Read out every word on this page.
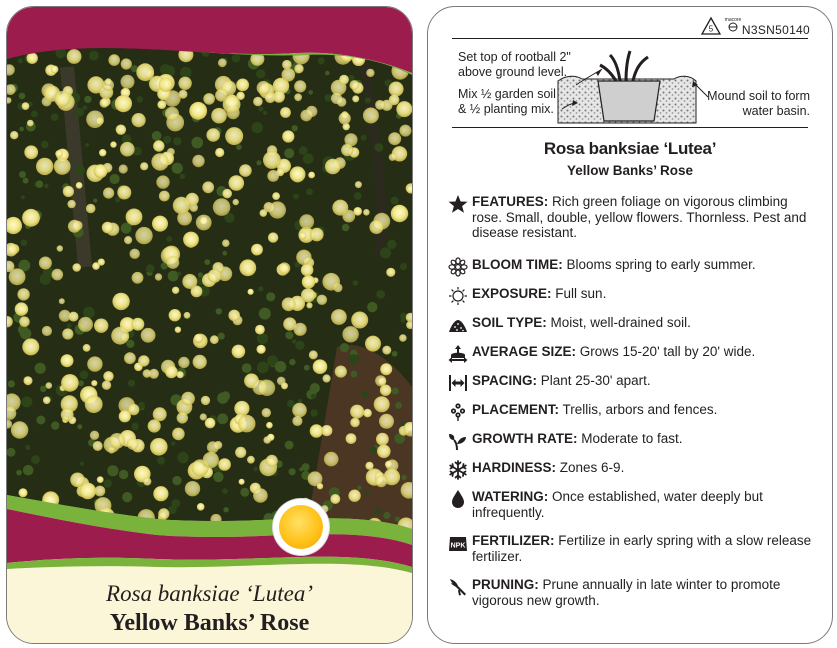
Rosa banksiae ‘Lutea’
Yellow Banks’ Rose
5
macore
N3SN50140
Set top of rootball 2"
above ground level.
Mix ½ garden soil
& ½ planting mix.
Mound soil to form
water basin.
Rosa banksiae ‘Lutea’
Yellow Banks’ Rose
FEATURES: Rich green foliage on vigorous climbing rose. Small, double, yellow flowers. Thornless. Pest and disease resistant.
BLOOM TIME: Blooms spring to early summer.
EXPOSURE: Full sun.
SOIL TYPE: Moist, well-drained soil.
AVERAGE SIZE: Grows 15-20' tall by 20' wide.
SPACING: Plant 25-30' apart.
PLACEMENT: Trellis, arbors and fences.
GROWTH RATE: Moderate to fast.
HARDINESS: Zones 6-9.
WATERING: Once established, water deeply but infrequently.
NPK FERTILIZER: Fertilize in early spring with a slow release fertilizer.
PRUNING: Prune annually in late winter to promote vigorous new growth.
